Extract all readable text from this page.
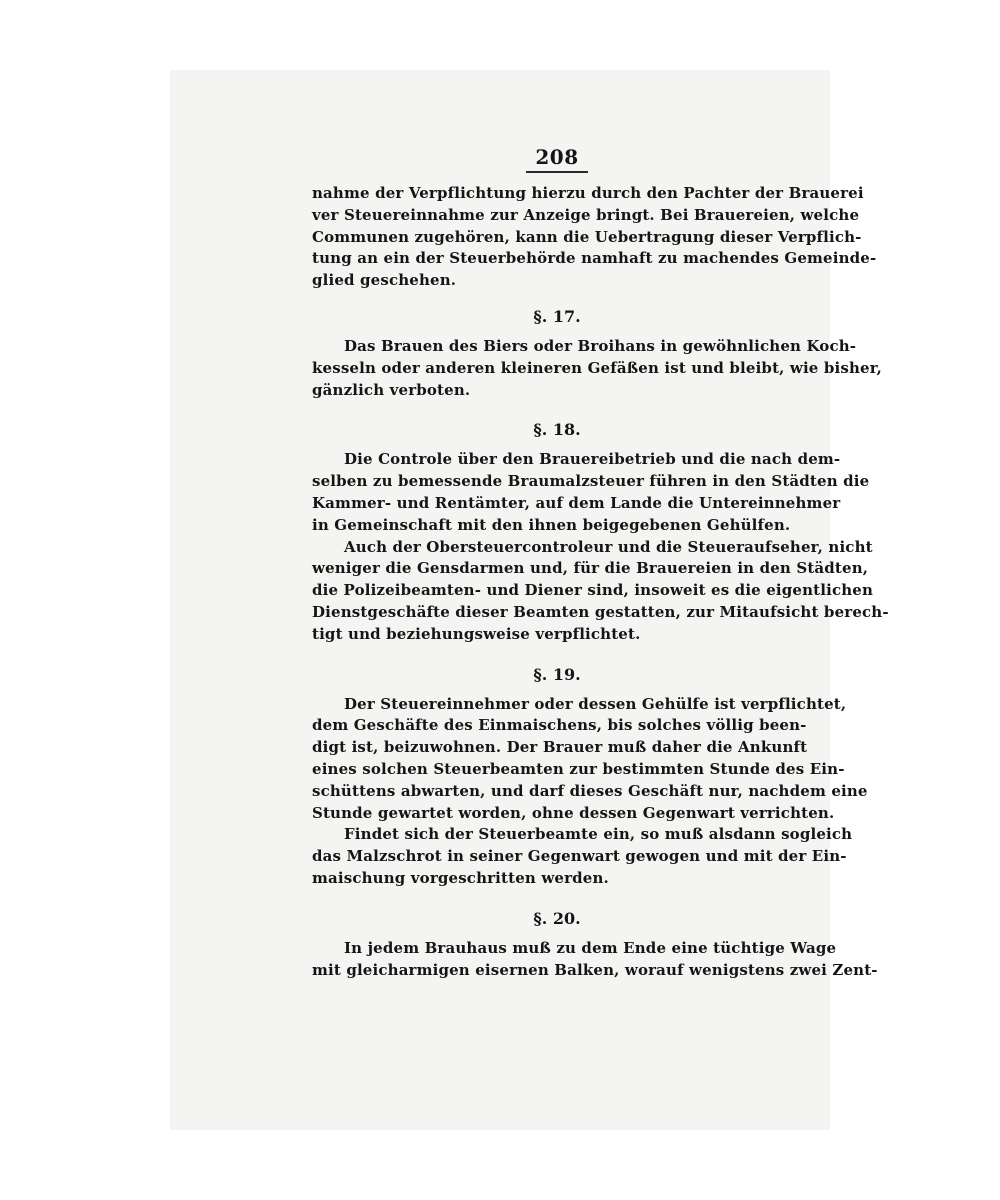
208
nahme der Verpflichtung hierzu durch den Pachter der Brauerei
ver Steuereinnahme zur Anzeige bringt. Bei Brauereien, welche
Communen zugehören, kann die Uebertragung dieser Verpflich-
tung an ein der Steuerbehörde namhaft zu machendes Gemeinde-
glied geschehen.
§. 17.
Das Brauen des Biers oder Broihans in gewöhnlichen Koch-
kesseln oder anderen kleineren Gefäßen ist und bleibt, wie bisher,
gänzlich verboten.
§. 18.
Die Controle über den Brauereibetrieb und die nach dem-
selben zu bemessende Braumalzsteuer führen in den Städten die
Kammer- und Rentämter, auf dem Lande die Untereinnehmer
in Gemeinschaft mit den ihnen beigegebenen Gehülfen.
Auch der Obersteuercontroleur und die Steueraufseher, nicht
weniger die Gensdarmen und, für die Brauereien in den Städten,
die Polizeibeamten- und Diener sind, insoweit es die eigentlichen
Dienstgeschäfte dieser Beamten gestatten, zur Mitaufsicht berech-
tigt und beziehungsweise verpflichtet.
§. 19.
Der Steuereinnehmer oder dessen Gehülfe ist verpflichtet,
dem Geschäfte des Einmaischens, bis solches völlig been-
digt ist, beizuwohnen. Der Brauer muß daher die Ankunft
eines solchen Steuerbeamten zur bestimmten Stunde des Ein-
schüttens abwarten, und darf dieses Geschäft nur, nachdem eine
Stunde gewartet worden, ohne dessen Gegenwart verrichten.
Findet sich der Steuerbeamte ein, so muß alsdann sogleich
das Malzschrot in seiner Gegenwart gewogen und mit der Ein-
maischung vorgeschritten werden.
§. 20.
In jedem Brauhaus muß zu dem Ende eine tüchtige Wage
mit gleicharmigen eisernen Balken, worauf wenigstens zwei Zent-
